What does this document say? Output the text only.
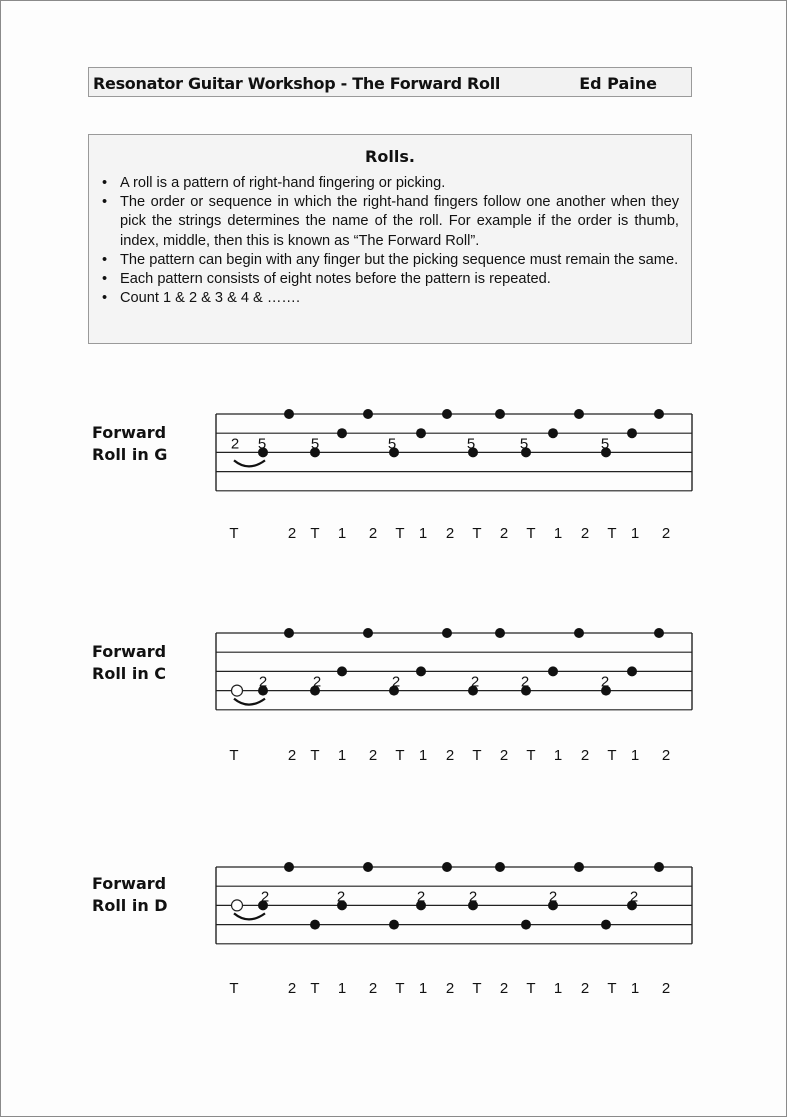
Resonator Guitar Workshop - The Forward Roll	Ed Paine
Rolls.
• A roll is a pattern of right-hand fingering or picking.
• The order or sequence in which the right-hand fingers follow one another when they pick the strings determines the name of the roll. For example if the order is thumb, index, middle, then this is known as “The Forward Roll”.
• The pattern can begin with any finger but the picking sequence must remain the same.
• Each pattern consists of eight notes before the pattern is repeated.
• Count 1 & 2 & 3 & 4 & …….
Forward
Roll in G
Forward
Roll in C
Forward
Roll in D
2 5	5	5	5	5	5
2	2	2	2	2	2
2	2	2	2	2	2
T	2 T 1 2 T 1 2 T 2 T 1 2 T 1 2
T	2 T 1 2 T 1 2 T 2 T 1 2 T 1 2
T	2 T 1 2 T 1 2 T 2 T 1 2 T 1 2
